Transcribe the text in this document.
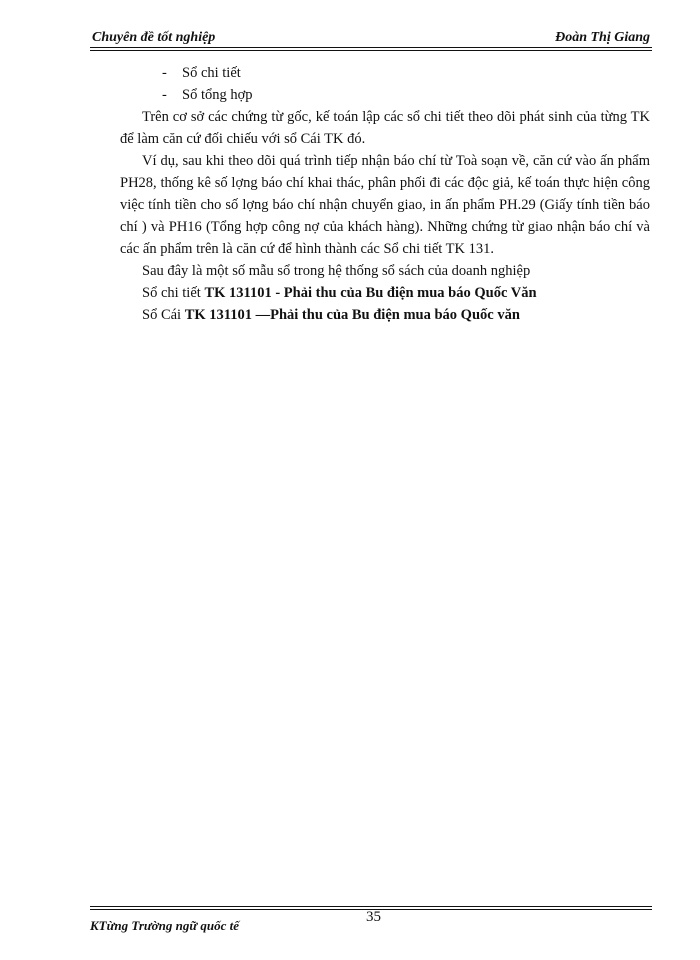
Chuyên đề tốt nghiệp	Đoàn Thị Giang
- Sổ chi tiết
- Sổ tổng hợp

Trên cơ sở các chứng từ gốc, kế toán lập các sổ chi tiết theo dõi phát sinh của từng TK để làm căn cứ đối chiếu với sổ Cái TK đó.

Ví dụ, sau khi theo dõi quá trình tiếp nhận báo chí từ Toà soạn về, căn cứ vào ấn phẩm PH28, thống kê số lợng báo chí khai thác, phân phối đi các độc giả, kế toán thực hiện công việc tính tiền cho số lợng báo chí nhận chuyển giao, in ấn phẩm PH.29 (Giấy tính tiền báo chí ) và PH16 (Tổng hợp công nợ của khách hàng). Những chứng từ giao nhận báo chí và các ấn phẩm trên là căn cứ để hình thành các Sổ chi tiết TK 131.

Sau đây là một số mẫu sổ trong hệ thống sổ sách của doanh nghiệp
Sổ chi tiết TK 131101 - Phải thu của Bu điện mua báo Quốc Văn
Sổ Cái TK 131101 —Phải thu của Bu điện mua báo Quốc văn
35
KTừng Trường ngữ quốc tế
